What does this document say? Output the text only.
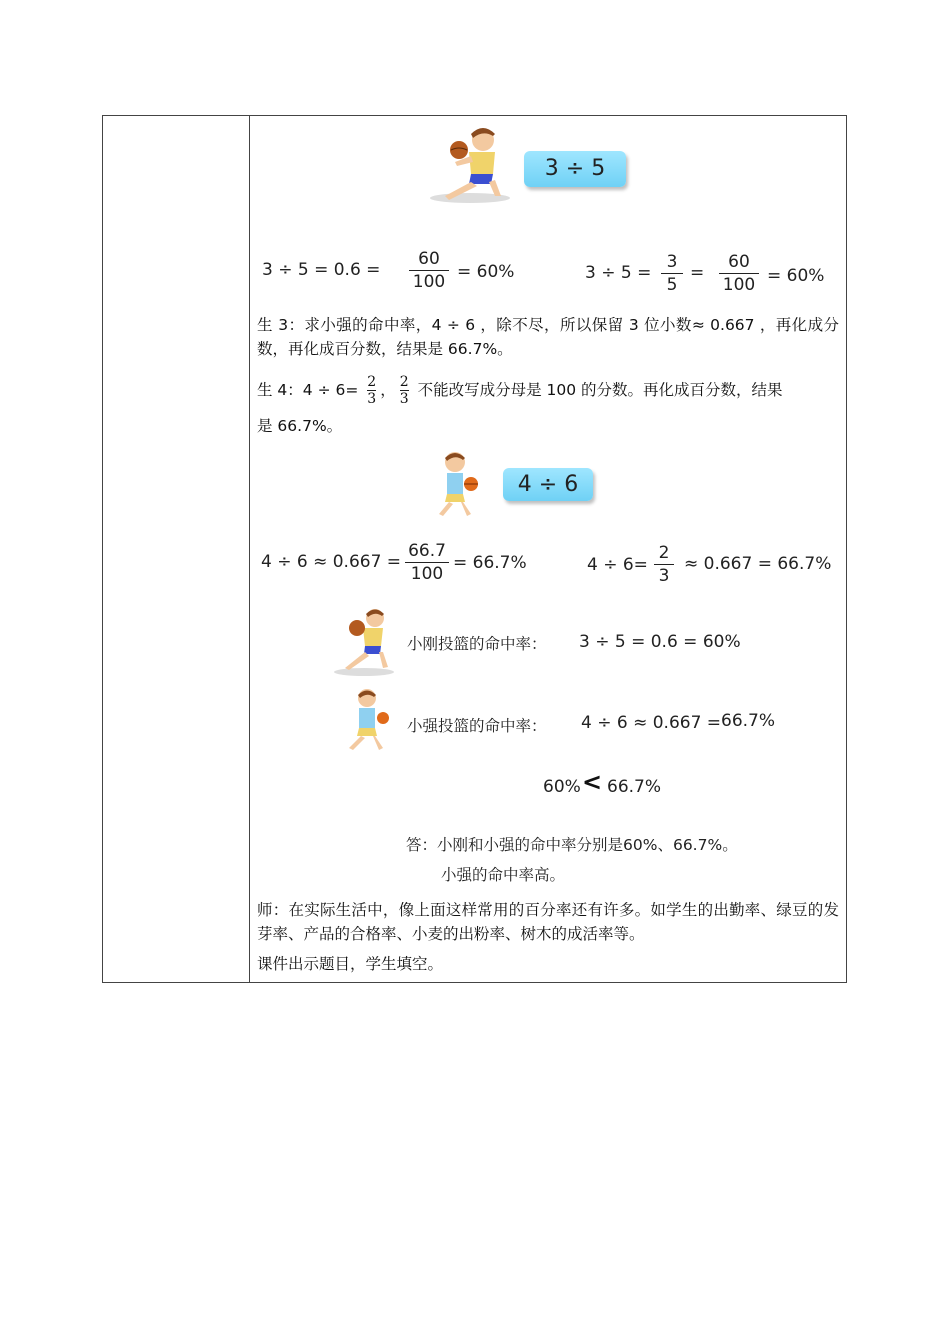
3 ÷ 5
3 ÷ 5 = 0.6 =
60
100 = 60%	3 ÷ 5 =
3
5
=
60
100 = 60%
生 3：求小强的命中率，4 ÷ 6 ，除不尽，所以保留 3 位小数≈ 0.667 ，再化成分数，再化成百分数，结果是 66.7%。
生 4：$4 \div 6= \frac{2}{3}$ ， $\frac{2}{3}$ 不能改写成分母是 100 的分数。再化成百分数，结果
是 66.7%。
4 ÷ 6
4 ÷ 6 ≈ 0.667 =
66.7
100
= 66.7%	4 ÷ 6=
2
3
≈ 0.667 = 66.7%
小刚投篮的命中率： 3 ÷ 5 = 0.6 = 60%
小强投篮的命中率： 4 ÷ 6 ≈ 0.667 = 66.7%
60% < 66.7%
答：小刚和小强的命中率分别是60%、66.7%。
小强的命中率高。
师：在实际生活中，像上面这样常用的百分率还有许多。如学生的出勤率、绿豆的发芽率、产品的合格率、小麦的出粉率、树木的成活率等。
课件出示题目，学生填空。
